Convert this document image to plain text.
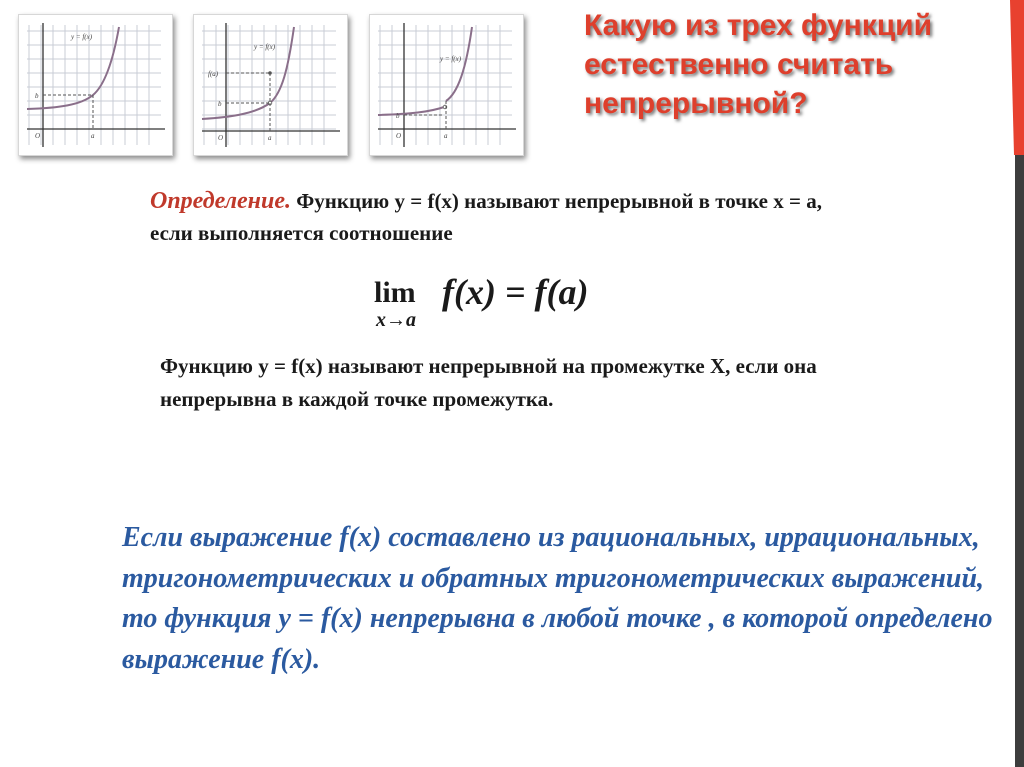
y = f(x)
b
O	a
y = f(x)
f(a)
b
O	a
y = f(x)
b
O	a
Какую из трех функций естественно считать непрерывной?
Определение. Функцию y = f(x) называют непрерывной в точке x = a, если выполняется соотношение
lim
x→a
f(x) = f(a)
Функцию y = f(x) называют непрерывной на промежутке X, если она непрерывна в каждой точке промежутка.
Если выражение f(x) составлено из рациональных, иррациональных, тригонометрических и обратных тригонометрических выражений, то функция y = f(x) непрерывна в любой точке , в которой определено выражение f(x).
